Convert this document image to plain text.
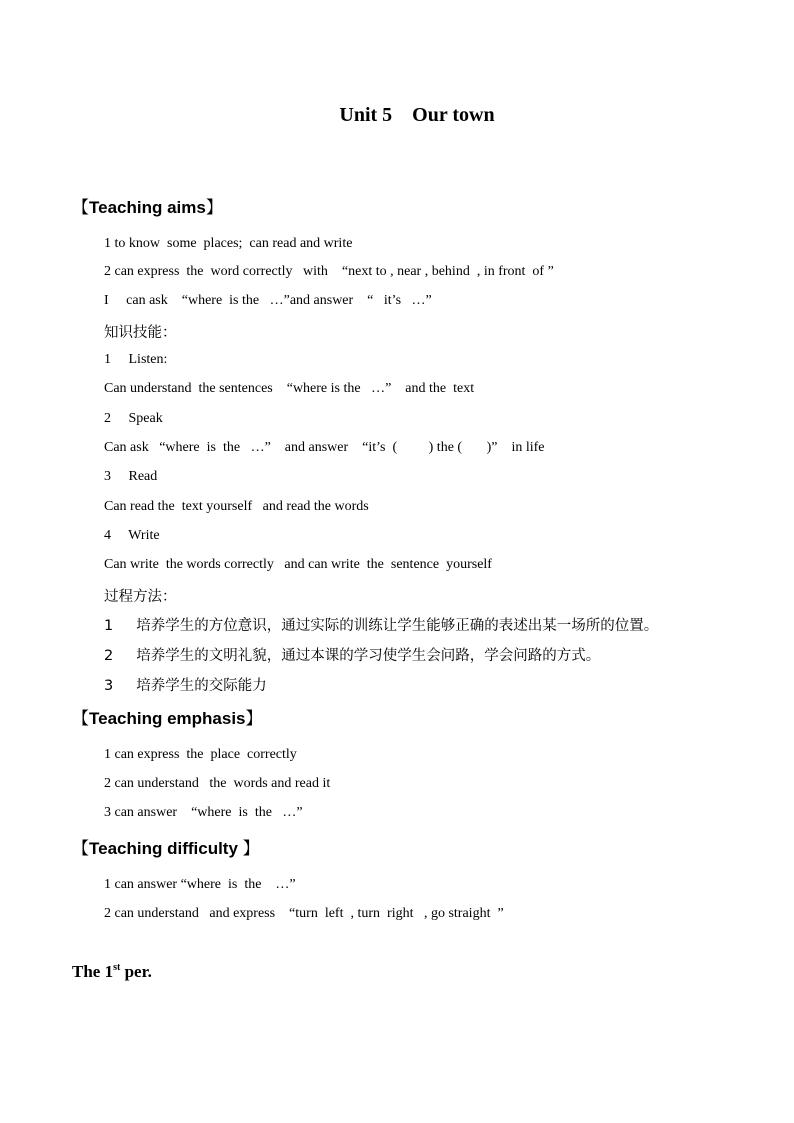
Unit 5    Our town
【Teaching aims】
1 to know  some  places;  can read and write
2 can express  the  word correctly   with    “next to , near , behind  , in front  of ”
I     can ask    “where  is the   …”and answer    “   it’s   …”
知识技能：
1     Listen:
Can understand  the sentences    “where is the   …”    and the  text
2     Speak
Can ask   “where  is  the   …”    and answer    “it’s  (         ) the (       )”    in life
3     Read
Can read the  text yourself   and read the words
4     Write
Can write  the words correctly   and can write  the  sentence  yourself
过程方法：
1     培养学生的方位意识，通过实际的训练让学生能够正确的表述出某一场所的位置。
2     培养学生的文明礼貌，通过本课的学习使学生会问路，学会问路的方式。
3     培养学生的交际能力
【Teaching emphasis】
1 can express  the  place  correctly
2 can understand   the  words and read it
3 can answer    “where  is  the   …”
【Teaching difficulty 】
1 can answer “where  is  the    …”
2 can understand   and express    “turn  left  , turn  right   , go straight  ”
The 1st per.
